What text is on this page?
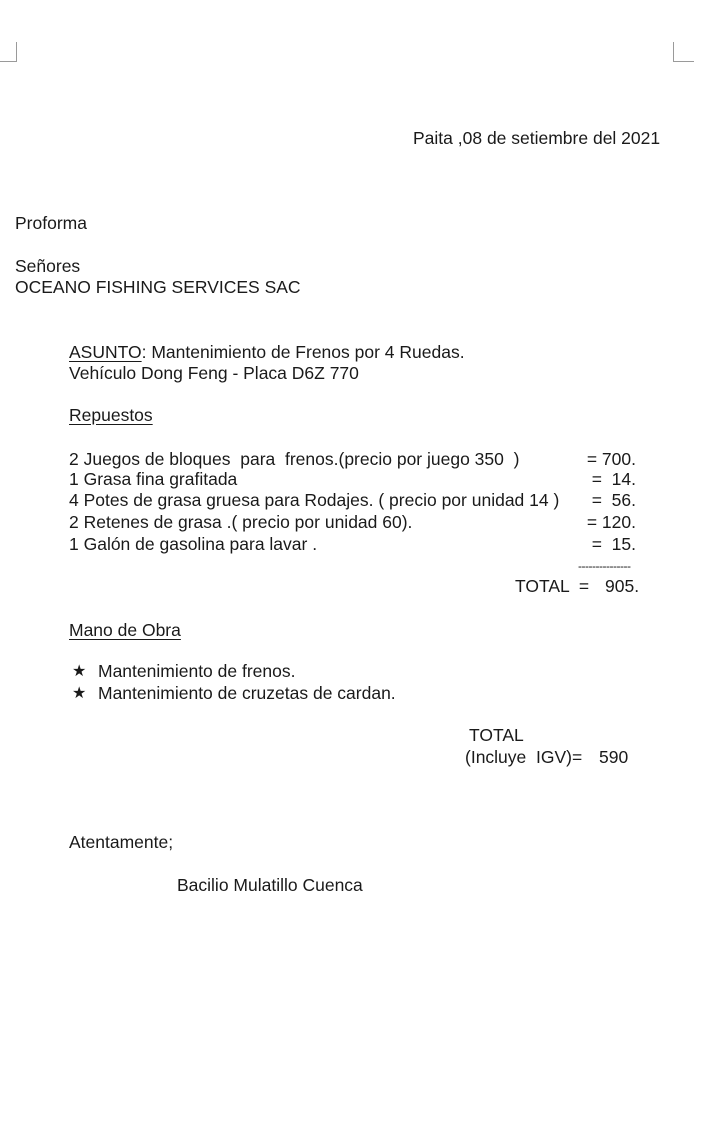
Paita ,08 de setiembre del 2021
Proforma
Señores
OCEANO FISHING SERVICES SAC
ASUNTO: Mantenimiento de Frenos por 4 Ruedas.
Vehículo Dong Feng - Placa D6Z 770
Repuestos
2 Juegos de bloques  para  frenos.(precio por juego 350  )	= 700.
1 Grasa fina grafitada	=  14.
4 Potes de grasa gruesa para Rodajes. ( precio por unidad 14 )	=  56.
2 Retenes de grasa .( precio por unidad 60).	= 120.
1 Galón de gasolina para lavar .	=  15.
---------------
TOTAL  = 905.
Mano de Obra
★ Mantenimiento de frenos.
★ Mantenimiento de cruzetas de cardan.
TOTAL
(Incluye  IGV)= 590
Atentamente;
Bacilio Mulatillo Cuenca
